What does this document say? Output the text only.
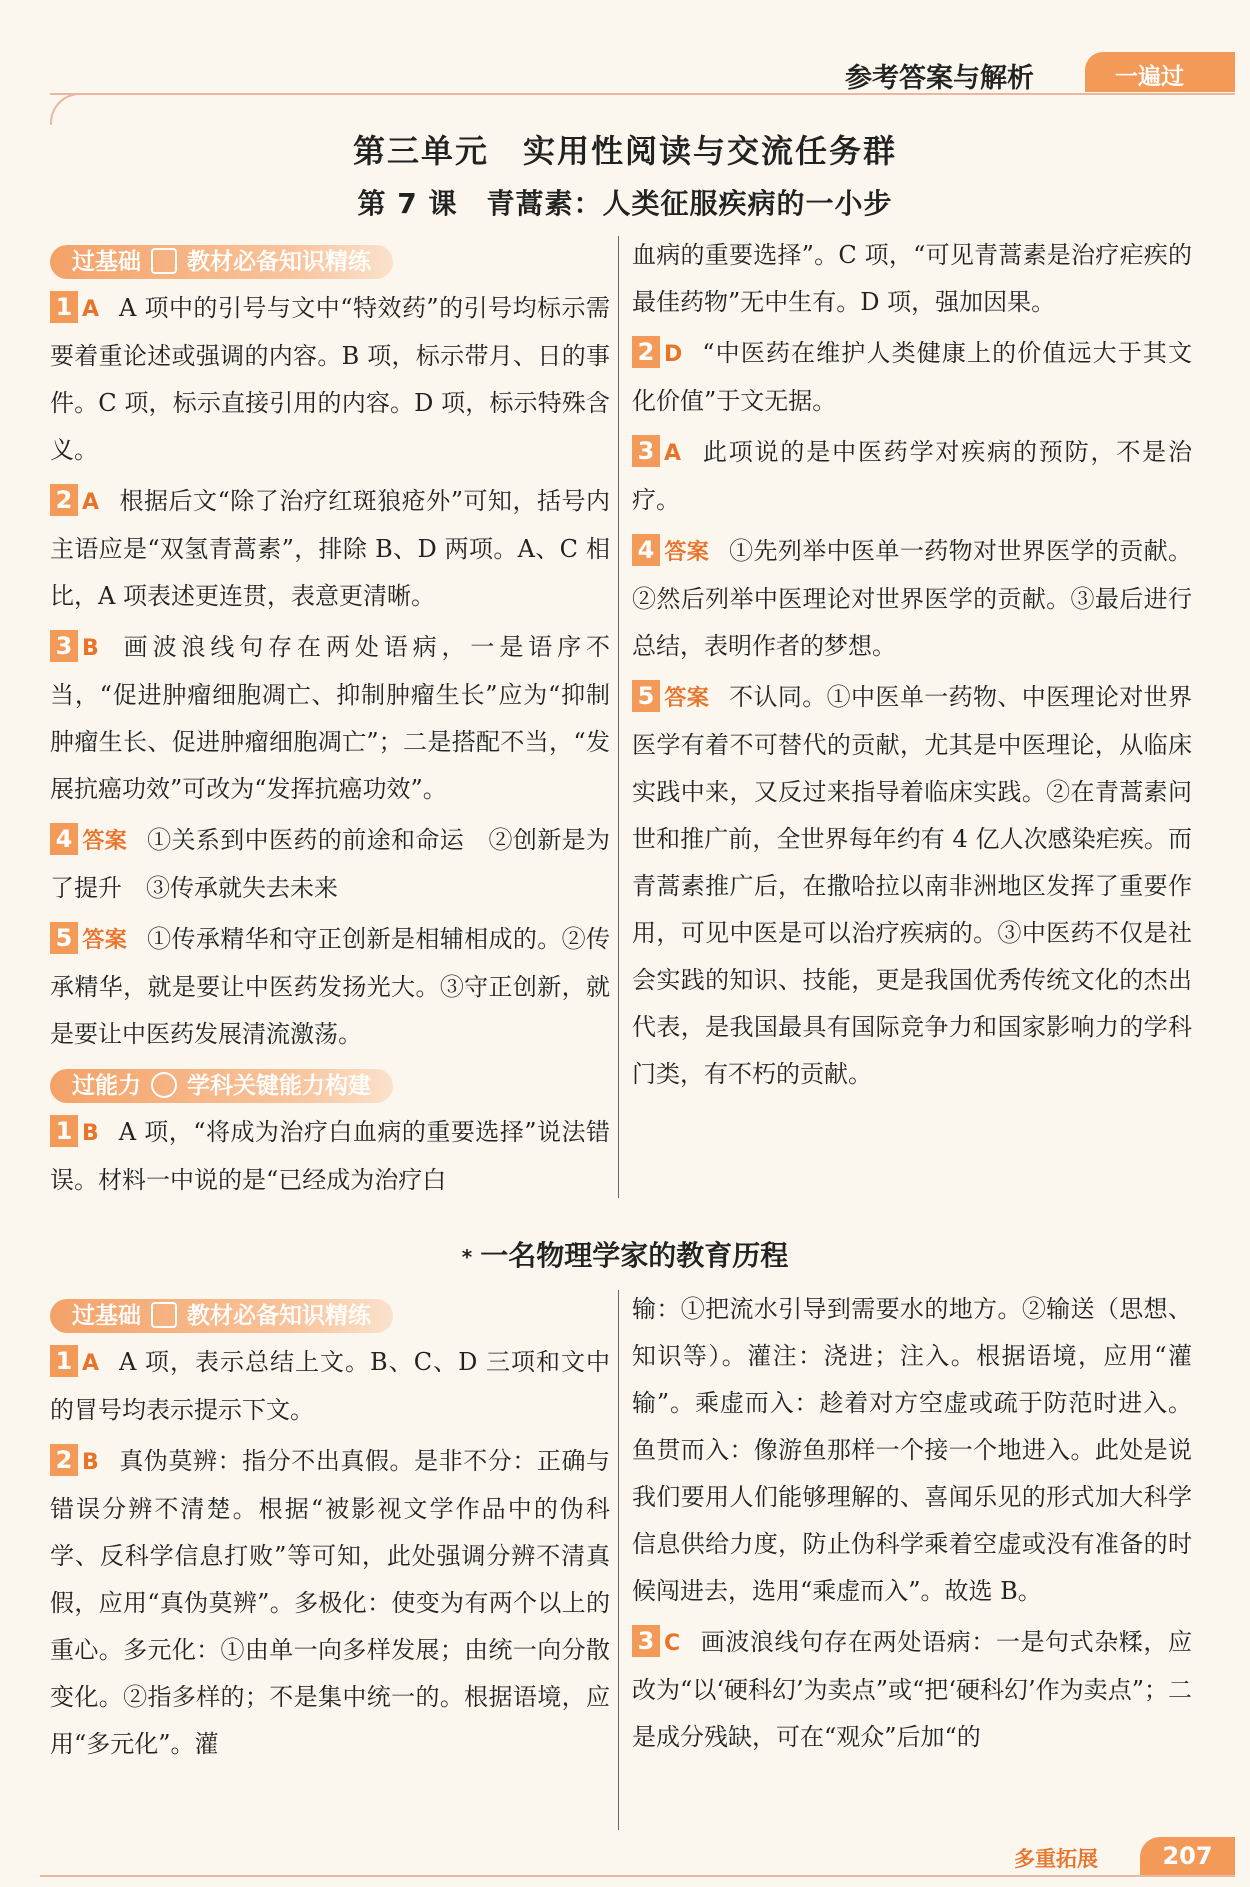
参考答案与解析	一遍过
第三单元　实用性阅读与交流任务群
第 7 课　青蒿素：人类征服疾病的一小步
过基础 教材必备知识精练

1 A A 项中的引号与文中“特效药”的引号均标示需要着重论述或强调的内容。B 项，标示带月、日的事件。C 项，标示直接引用的内容。D 项，标示特殊含义。

2 A 根据后文“除了治疗红斑狼疮外”可知，括号内主语应是“双氢青蒿素”，排除 B、D 两项。A、C 相比，A 项表述更连贯，表意更清晰。

3 B 画波浪线句存在两处语病，一是语序不当，“促进肿瘤细胞凋亡、抑制肿瘤生长”应为“抑制肿瘤生长、促进肿瘤细胞凋亡”；二是搭配不当，“发展抗癌功效”可改为“发挥抗癌功效”。

4 答案 ①关系到中医药的前途和命运　②创新是为了提升　③传承就失去未来

5 答案 ①传承精华和守正创新是相辅相成的。②传承精华，就是要让中医药发扬光大。③守正创新，就是要让中医药发展清流激荡。

过能力 学科关键能力构建

1 B A 项，“将成为治疗白血病的重要选择”说法错误。材料一中说的是“已经成为治疗白

血病的重要选择”。C 项，“可见青蒿素是治疗疟疾的最佳药物”无中生有。D 项，强加因果。

2 D “中医药在维护人类健康上的价值远大于其文化价值”于文无据。

3 A 此项说的是中医药学对疾病的预防，不是治疗。

4 答案 ①先列举中医单一药物对世界医学的贡献。②然后列举中医理论对世界医学的贡献。③最后进行总结，表明作者的梦想。

5 答案 不认同。①中医单一药物、中医理论对世界医学有着不可替代的贡献，尤其是中医理论，从临床实践中来，又反过来指导着临床实践。②在青蒿素问世和推广前，全世界每年约有 4 亿人次感染疟疾。而青蒿素推广后，在撒哈拉以南非洲地区发挥了重要作用，可见中医是可以治疗疾病的。③中医药不仅是社会实践的知识、技能，更是我国优秀传统文化的杰出代表，是我国最具有国际竞争力和国家影响力的学科门类，有不朽的贡献。

* 一名物理学家的教育历程
过基础 教材必备知识精练

1 A A 项，表示总结上文。B、C、D 三项和文中的冒号均表示提示下文。

2 B 真伪莫辨：指分不出真假。是非不分：正确与错误分辨不清楚。根据“被影视文学作品中的伪科学、反科学信息打败”等可知，此处强调分辨不清真假，应用“真伪莫辨”。多极化：使变为有两个以上的重心。多元化：①由单一向多样发展；由统一向分散变化。②指多样的；不是集中统一的。根据语境，应用“多元化”。灌

输：①把流水引导到需要水的地方。②输送（思想、知识等）。灌注：浇进；注入。根据语境，应用“灌输”。乘虚而入：趁着对方空虚或疏于防范时进入。鱼贯而入：像游鱼那样一个接一个地进入。此处是说我们要用人们能够理解的、喜闻乐见的形式加大科学信息供给力度，防止伪科学乘着空虚或没有准备的时候闯进去，选用“乘虚而入”。故选 B。

3 C 画波浪线句存在两处语病：一是句式杂糅，应改为“以‘硬科幻’为卖点”或“把‘硬科幻’作为卖点”；二是成分残缺，可在“观众”后加“的

多重拓展	207
